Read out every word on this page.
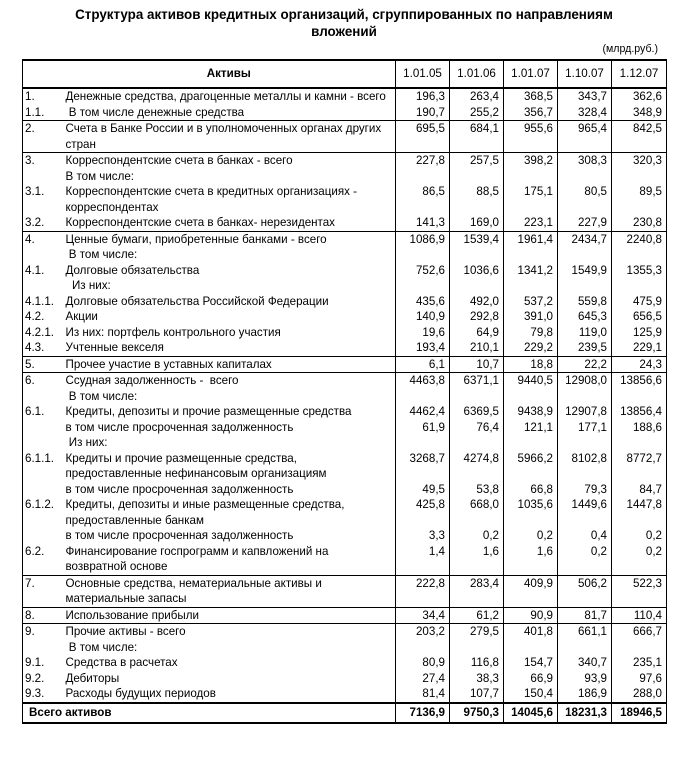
Структура активов кредитных организаций, сгруппированных по направлениям
вложений
(млрд.руб.)
	Активы	1.01.05	1.01.06	1.01.07	1.10.07	1.12.07
1.	Денежные средства, драгоценные металлы и камни - всего	196,3	263,4	368,5	343,7	362,6
1.1.	В том числе денежные средства	190,7	255,2	356,7	328,4	348,9
2.	Счета в Банке России и в уполномоченных органах других стран	695,5	684,1	955,6	965,4	842,5
3.	Корреспондентские счета в банках - всего	227,8	257,5	398,2	308,3	320,3
	В том числе:					
3.1.	Корреспондентские счета в кредитных организациях - корреспондентах	86,5	88,5	175,1	80,5	89,5
3.2.	Корреспондентские счета в банках- нерезидентах	141,3	169,0	223,1	227,9	230,8
4.	Ценные бумаги, приобретенные банками - всего	1086,9	1539,4	1961,4	2434,7	2240,8
	В том числе:					
4.1.	Долговые обязательства	752,6	1036,6	1341,2	1549,9	1355,3
	Из них:					
4.1.1.	Долговые обязательства Российской Федерации	435,6	492,0	537,2	559,8	475,9
4.2.	Акции	140,9	292,8	391,0	645,3	656,5
4.2.1.	Из них: портфель контрольного участия	19,6	64,9	79,8	119,0	125,9
4.3.	Учтенные векселя	193,4	210,1	229,2	239,5	229,1
5.	Прочее участие в уставных капиталах	6,1	10,7	18,8	22,2	24,3
6.	Ссудная задолженность -  всего	4463,8	6371,1	9440,5	12908,0	13856,6
	В том числе:					
6.1.	Кредиты, депозиты и прочие размещенные средства	4462,4	6369,5	9438,9	12907,8	13856,4
	в том числе просроченная задолженность	61,9	76,4	121,1	177,1	188,6
	Из них:					
6.1.1.	Кредиты и прочие размещенные средства, предоставленные нефинансовым организациям	3268,7	4274,8	5966,2	8102,8	8772,7
	в том числе просроченная задолженность	49,5	53,8	66,8	79,3	84,7
6.1.2.	Кредиты, депозиты и иные размещенные средства, предоставленные банкам	425,8	668,0	1035,6	1449,6	1447,8
	в том числе просроченная задолженность	3,3	0,2	0,2	0,4	0,2
6.2.	Финансирование госпрограмм и капвложений на возвратной основе	1,4	1,6	1,6	0,2	0,2
7.	Основные средства, нематериальные активы и материальные запасы	222,8	283,4	409,9	506,2	522,3
8.	Использование прибыли	34,4	61,2	90,9	81,7	110,4
9.	Прочие активы - всего	203,2	279,5	401,8	661,1	666,7
	В том числе:					
9.1.	Средства в расчетах	80,9	116,8	154,7	340,7	235,1
9.2.	Дебиторы	27,4	38,3	66,9	93,9	97,6
9.3.	Расходы будущих периодов	81,4	107,7	150,4	186,9	288,0
Всего активов		7136,9	9750,3	14045,6	18231,3	18946,5
